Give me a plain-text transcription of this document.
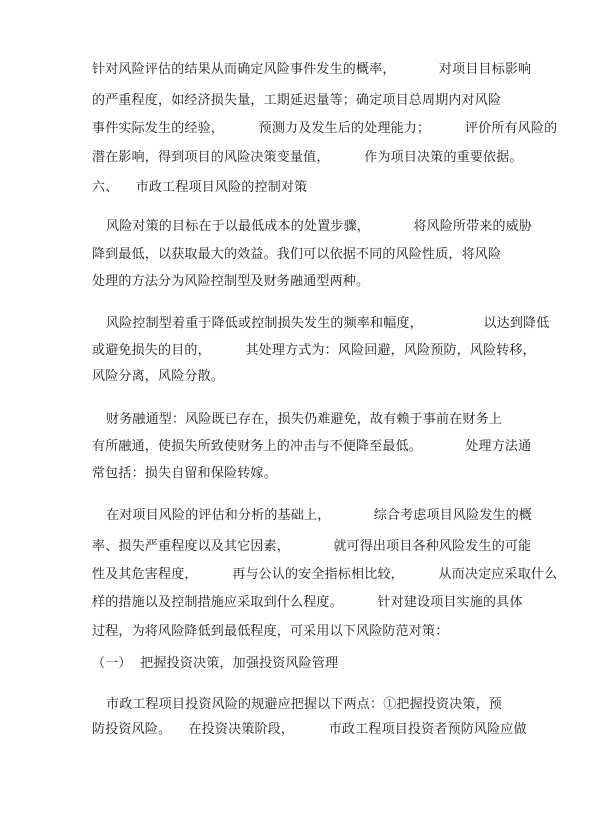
针对风险评估的结果从而确定风险事件发生的概率，          对项目目标影响
的严重程度，如经济损失量，工期延迟量等；确定项目总周期内对风险
事件实际发生的经验，        预测力及发生后的处理能力；        评价所有风险的
潜在影响，得到项目的风险决策变量值，        作为项目决策的重要依据。
六、    市政工程项目风险的控制对策
风险对策的目标在于以最低成本的处置步骤，          将风险所带来的威胁
降到最低，以获取最大的效益。我们可以依据不同的风险性质，将风险
处理的方法分为风险控制型及财务融通型两种。
风险控制型着重于降低或控制损失发生的频率和幅度，              以达到降低
或避免损失的目的，        其处理方式为：风险回避，风险预防，风险转移，
风险分离，风险分散。
财务融通型：风险既已存在，损失仍难避免，故有赖于事前在财务上
有所融通，使损失所致使财务上的冲击与不便降至最低。          处理方法通
常包括：损失自留和保险转嫁。
在对项目风险的评估和分析的基础上，          综合考虑项目风险发生的概
率、损失严重程度以及其它因素，          就可得出项目各种风险发生的可能
性及其危害程度，        再与公认的安全指标相比较，        从而决定应采取什么
样的措施以及控制措施应采取到什么程度。        针对建设项目实施的具体
过程，为将风险降低到最低程度，可采用以下风险防范对策：
（一）  把握投资决策，加强投资风险管理
市政工程项目投资风险的规避应把握以下两点：①把握投资决策，预
防投资风险。    在投资决策阶段，        市政工程项目投资者预防风险应做
